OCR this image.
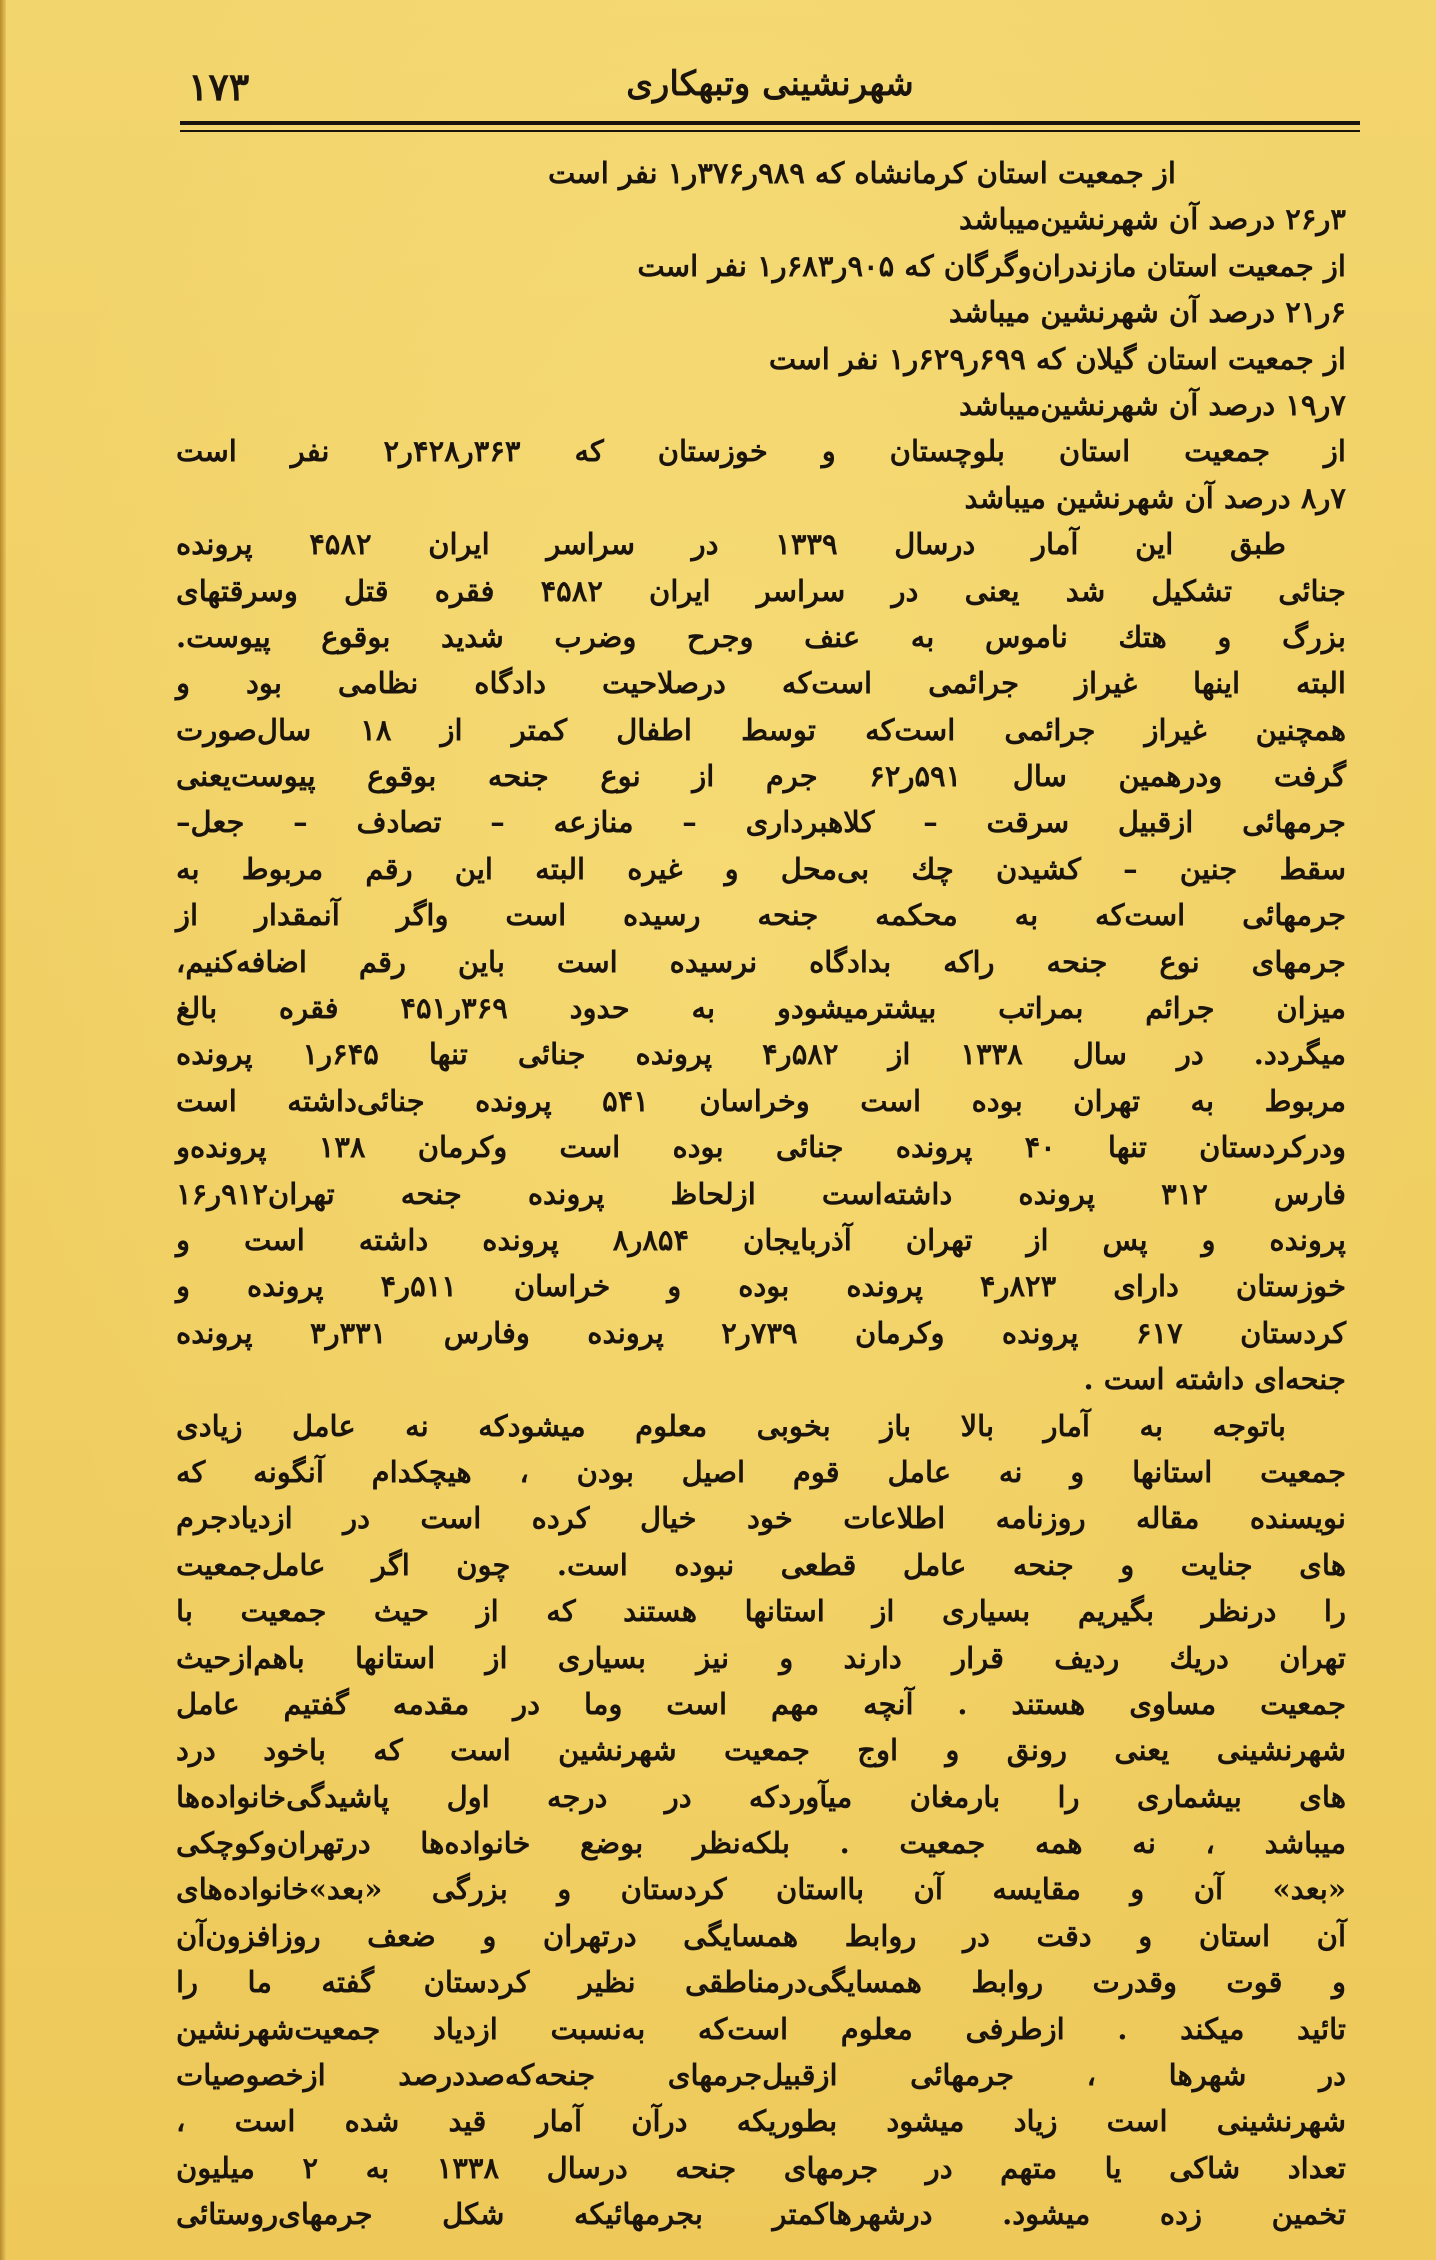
١٧٣	شهرنشینی وتبهکاری
از جمعیت استان کرمانشاه که ۹۸۹ر۳۷۶ر۱ نفر است
۳ر۲۶ درصد آن شهرنشین‌میباشد
از جمعیت استان مازندران‌وگرگان که ۹۰۵ر۶۸۳ر۱ نفر است
۶ر۲۱ درصد آن شهرنشین میباشد
از جمعیت استان گیلان که ۶۹۹ر۶۲۹ر۱ نفر است
۷ر۱۹ درصد آن شهرنشین‌میباشد
از جمعیت استان بلوچستان و خوزستان که ۳۶۳ر۴۲۸ر۲ نفر است
۷ر۸ درصد آن شهرنشین میباشد
طبق این آمار درسال ۱۳۳۹ در سراسر ایران ۴۵۸۲ پرونده
جنائی تشکیل شد یعنی در سراسر ایران ۴۵۸۲ فقره قتل وسرقتهای
بزرگ و هتك ناموس به عنف وجرح وضرب شدید بوقوع پیوست.
البته اینها غیراز جرائمی است‌که درصلاحیت دادگاه نظامی بود و
همچنین غیراز جرائمی است‌که توسط اطفال کمتر از ۱۸ سال‌صورت
گرفت ودرهمین سال ۵۹۱ر۶۲ جرم از نوع جنحه بوقوع پیوست‌یعنی
جرمهائی ازقبیل سرقت – کلاهبرداری – منازعه – تصادف – جعل–
سقط جنین – کشیدن چك بی‌محل و غیره البته این رقم مربوط به
جرمهائی است‌که به محکمه جنحه رسیده است واگر آنمقدار از
جرمهای نوع جنحه راکه بدادگاه نرسیده است باین رقم اضافه‌کنیم،
میزان جرائم بمراتب بیشترمیشودو به حدود ۳۶۹ر۴۵۱ فقره بالغ
میگردد. در سال ۱۳۳۸ از ۵۸۲ر۴ پرونده جنائی تنها ۶۴۵ر۱ پرونده
مربوط به تهران بوده است وخراسان ۵۴۱ پرونده جنائی‌داشته است
ودرکردستان تنها ۴۰ پرونده جنائی بوده است وکرمان ۱۳۸ پرونده‌و
فارس ۳۱۲ پرونده داشته‌است ازلحاظ پرونده جنحه تهران۹۱۲ر۱۶
پرونده و پس از تهران آذربایجان ۸۵۴ر۸ پرونده داشته است و
خوزستان دارای ۸۲۳ر۴ پرونده بوده و خراسان ۵۱۱ر۴ پرونده و
کردستان ۶۱۷ پرونده وکرمان ۷۳۹ر۲ پرونده وفارس ۳۳۱ر۳ پرونده
جنحه‌ای داشته است .
باتوجه به آمار بالا باز بخوبی معلوم میشودکه نه عامل زیادی
جمعیت استانها و نه عامل قوم اصیل بودن ، هیچکدام آنگونه که
نویسنده مقاله روزنامه اطلاعات خود خیال کرده است در ازدیادجرم
های جنایت و جنحه عامل قطعی نبوده است. چون اگر عامل‌جمعیت
را درنظر بگیریم بسیاری از استانها هستند که از حیث جمعیت با
تهران دریك ردیف قرار دارند و نیز بسیاری از استانها باهم‌ازحیث
جمعیت مساوی هستند . آنچه مهم است وما در مقدمه گفتیم عامل
شهرنشینی یعنی رونق و اوج جمعیت شهرنشین است که باخود درد
های بیشماری را بارمغان میآوردکه در درجه اول پاشیدگی‌خانواده‌ها
میباشد ، نه همه جمعیت . بلکه‌نظر بوضع خانواده‌ها درتهران‌وکوچکی
«بعد» آن و مقایسه آن بااستان کردستان و بزرگی «بعد»خانواده‌های
آن استان و دقت در روابط همسایگی درتهران و ضعف روزافزون‌آن
و قوت وقدرت روابط همسایگی‌درمناطقی نظیر کردستان گفته ما را
تائید میکند . ازطرفی معلوم است‌که به‌نسبت ازدیاد جمعیت‌شهرنشین
در شهرها ، جرمهائی ازقبیل‌جرمهای جنحه‌که‌صددرصد ازخصوصیات
شهرنشینی است زیاد میشود بطوریکه درآن آمار قید شده است ،
تعداد شاکی یا متهم در جرمهای جنحه درسال ۱۳۳۸ به ۲ میلیون
تخمین زده میشود. درشهرهاکمتر بجرمهائیکه شکل جرمهای‌روستائی
